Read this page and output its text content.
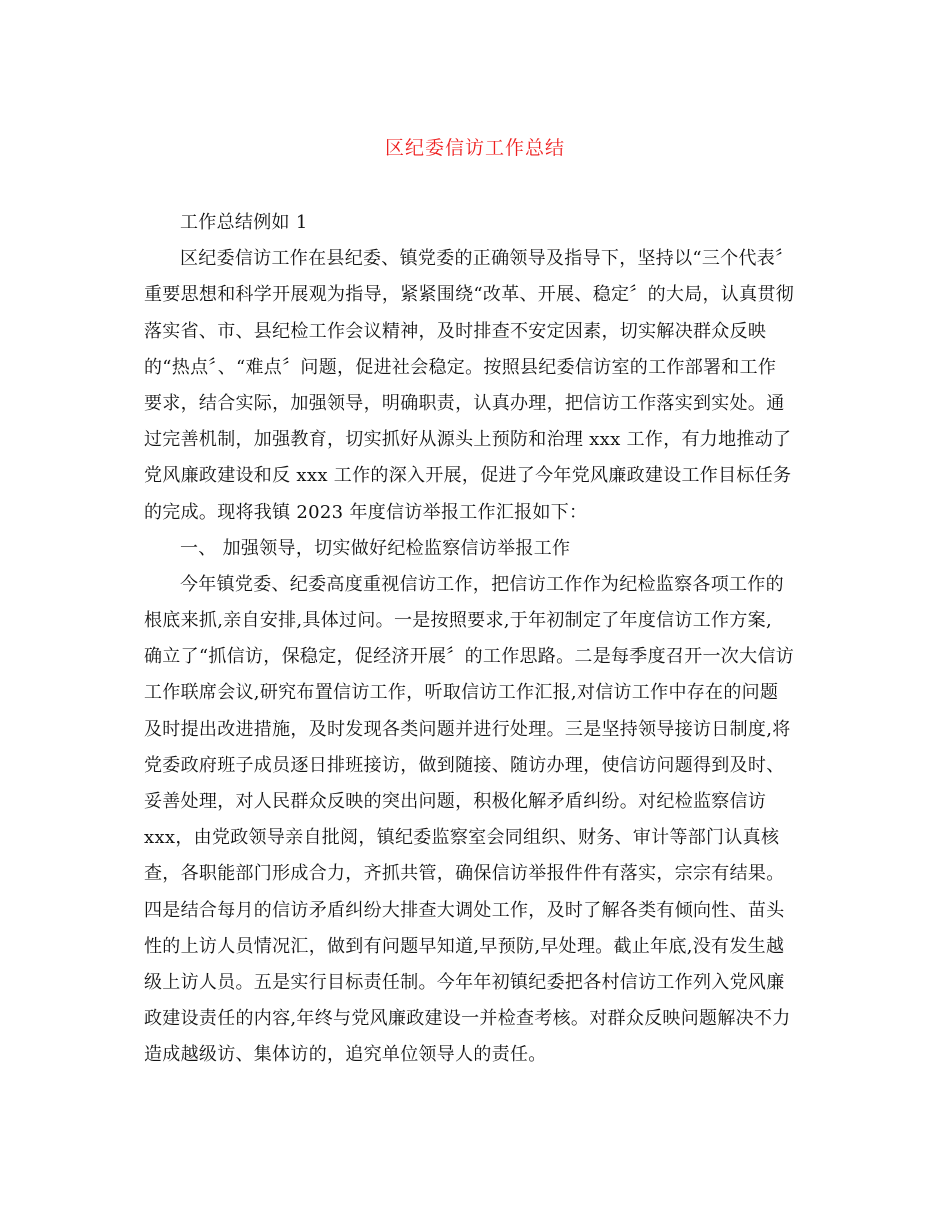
区纪委信访工作总结
工作总结例如 1
区纪委信访工作在县纪委、镇党委的正确领导及指导下，坚持以“三个代表〞
重要思想和科学开展观为指导，紧紧围绕“改革、开展、稳定〞的大局，认真贯彻
落实省、市、县纪检工作会议精神，及时排查不安定因素，切实解决群众反映
的“热点〞、“难点〞问题，促进社会稳定。按照县纪委信访室的工作部署和工作
要求，结合实际，加强领导，明确职责，认真办理，把信访工作落实到实处。通
过完善机制，加强教育，切实抓好从源头上预防和治理 xxx 工作，有力地推动了
党风廉政建设和反 xxx 工作的深入开展，促进了今年党风廉政建设工作目标任务
的完成。现将我镇 2023 年度信访举报工作汇报如下：
一、 加强领导，切实做好纪检监察信访举报工作
今年镇党委、纪委高度重视信访工作，把信访工作作为纪检监察各项工作的
根底来抓,亲自安排,具体过问。一是按照要求,于年初制定了年度信访工作方案,
确立了“抓信访，保稳定，促经济开展〞的工作思路。二是每季度召开一次大信访
工作联席会议,研究布置信访工作，听取信访工作汇报,对信访工作中存在的问题
及时提出改进措施，及时发现各类问题并进行处理。三是坚持领导接访日制度,将
党委政府班子成员逐日排班接访，做到随接、随访办理，使信访问题得到及时、
妥善处理，对人民群众反映的突出问题，积极化解矛盾纠纷。对纪检监察信访
xxx，由党政领导亲自批阅，镇纪委监察室会同组织、财务、审计等部门认真核
查，各职能部门形成合力，齐抓共管，确保信访举报件件有落实，宗宗有结果。
四是结合每月的信访矛盾纠纷大排查大调处工作，及时了解各类有倾向性、苗头
性的上访人员情况汇，做到有问题早知道,早预防,早处理。截止年底,没有发生越
级上访人员。五是实行目标责任制。今年年初镇纪委把各村信访工作列入党风廉
政建设责任的内容,年终与党风廉政建设一并检查考核。对群众反映问题解决不力
造成越级访、集体访的，追究单位领导人的责任。
